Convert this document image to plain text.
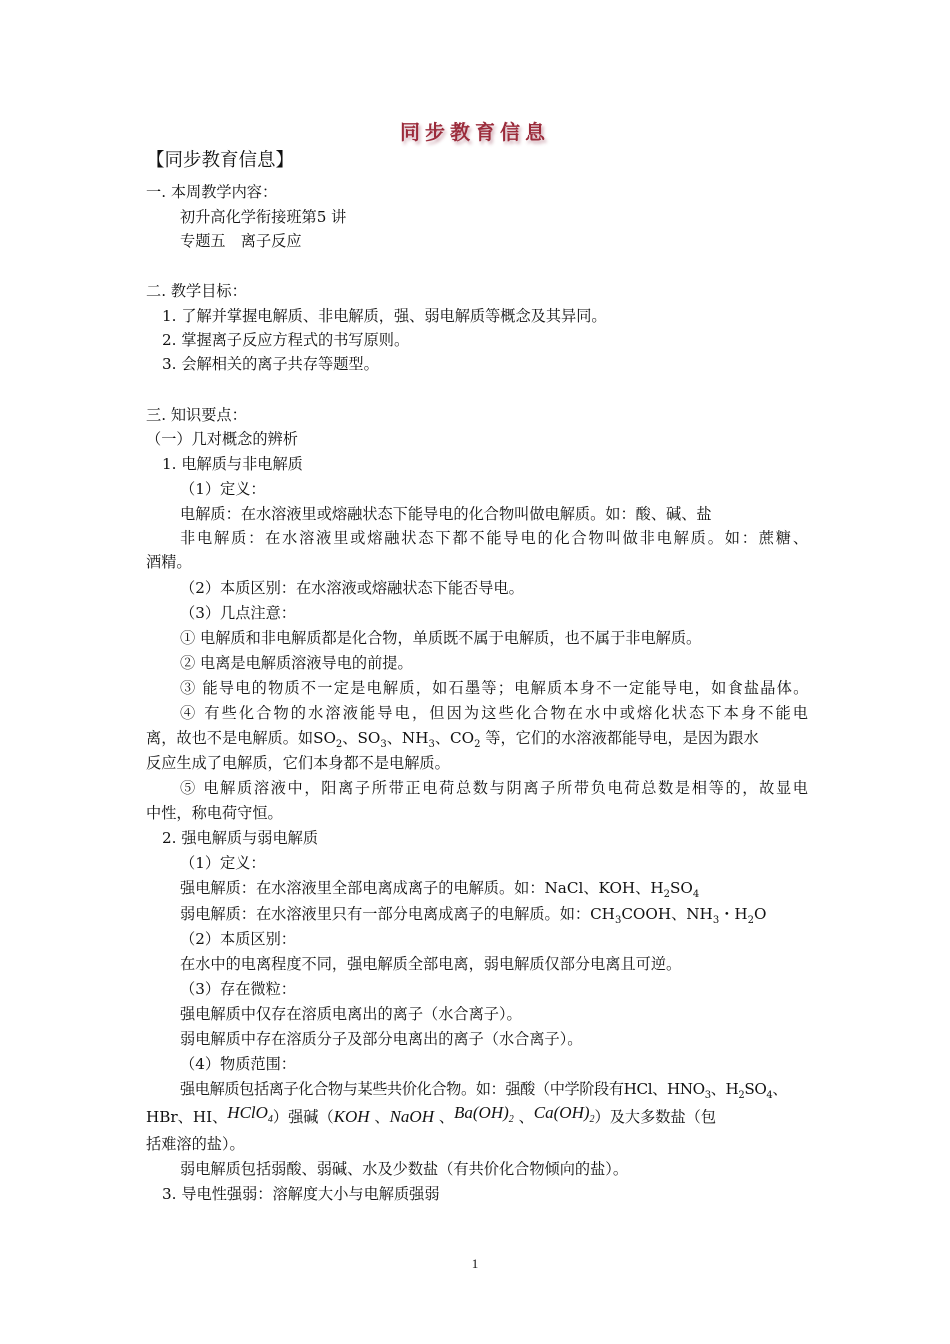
同步教育信息
【同步教育信息】
一. 本周教学内容：
初升高化学衔接班第5 讲
专题五　离子反应
二. 教学目标：
1. 了解并掌握电解质、非电解质，强、弱电解质等概念及其异同。
2. 掌握离子反应方程式的书写原则。
3. 会解相关的离子共存等题型。
三. 知识要点：
（一）几对概念的辨析
1. 电解质与非电解质
（1）定义：
电解质：在水溶液里或熔融状态下能导电的化合物叫做电解质。如：酸、碱、盐
非电解质：在水溶液里或熔融状态下都不能导电的化合物叫做非电解质。如：蔗糖、
酒精。
（2）本质区别：在水溶液或熔融状态下能否导电。
（3）几点注意：
① 电解质和非电解质都是化合物，单质既不属于电解质，也不属于非电解质。
② 电离是电解质溶液导电的前提。
③ 能导电的物质不一定是电解质，如石墨等；电解质本身不一定能导电，如食盐晶体。
④ 有些化合物的水溶液能导电，但因为这些化合物在水中或熔化状态下本身不能电
离，故也不是电解质。如$SO_2$、$SO_3$、$NH_3$、$CO_2$ 等，它们的水溶液都能导电，是因为跟水
反应生成了电解质，它们本身都不是电解质。
⑤ 电解质溶液中，阳离子所带正电荷总数与阴离子所带负电荷总数是相等的，故显电
中性，称电荷守恒。
2. 强电解质与弱电解质
（1）定义：
强电解质：在水溶液里全部电离成离子的电解质。如：NaCl、KOH、$H_2SO_4$
弱电解质：在水溶液里只有一部分电离成离子的电解质。如：$CH_3COOH$、$NH_3$・$H_2O$
（2）本质区别：
在水中的电离程度不同，强电解质全部电离，弱电解质仅部分电离且可逆。
（3）存在微粒：
强电解质中仅存在溶质电离出的离子（水合离子）。
弱电解质中存在溶质分子及部分电离出的离子（水合离子）。
（4）物质范围：
强电解质包括离子化合物与某些共价化合物。如：强酸（中学阶段有HCl、$HNO_3$、$H_2SO_4$、
HBr、HI、HClO$_4$）强碱（KOH 、NaOH 、$Ba(OH)_2$ 、$Ca(OH)_2$）及大多数盐（包
括难溶的盐）。
弱电解质包括弱酸、弱碱、水及少数盐（有共价化合物倾向的盐）。
3. 导电性强弱：溶解度大小与电解质强弱
1
